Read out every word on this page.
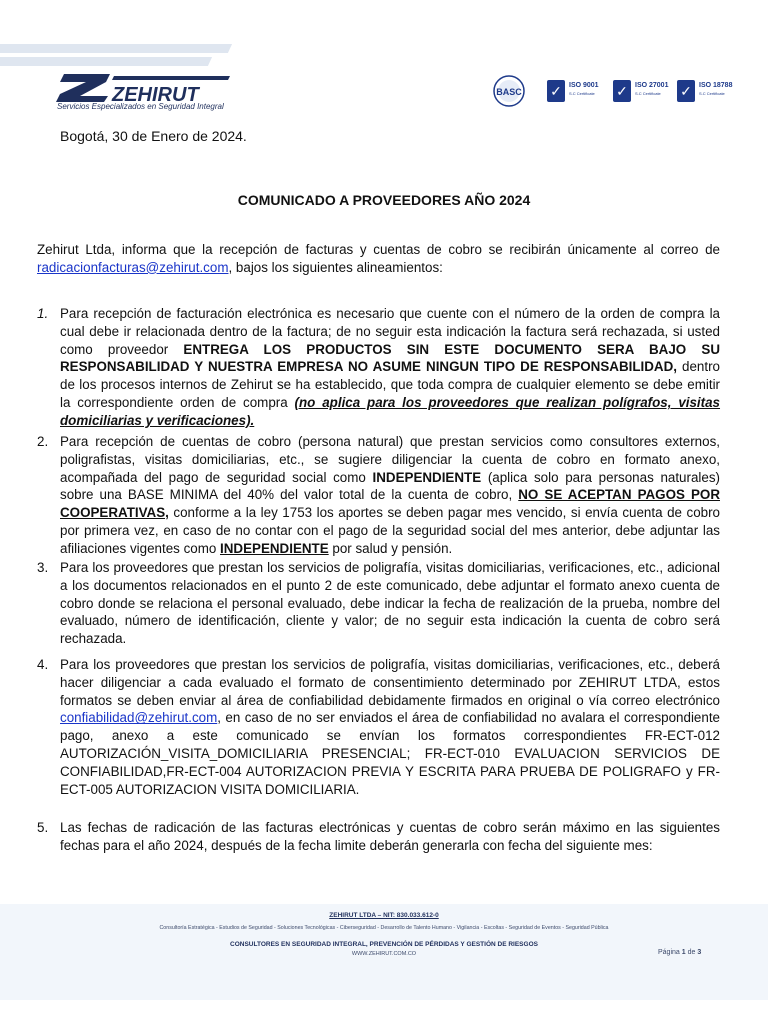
ZEHIRUT
Servicios Especializados en Seguridad Integral
BASC ✓	ISO 9001
S.C Certificate ✓	ISO 27001
S.C Certificate ✓	ISO 18788
S.C Certificate
Bogotá, 30 de Enero de 2024.
COMUNICADO A PROVEEDORES AÑO 2024
Zehirut Ltda, informa que la recepción de facturas y cuentas de cobro se recibirán únicamente al correo de radicacionfacturas@zehirut.com, bajos los siguientes alineamientos:
1. Para recepción de facturación electrónica es necesario que cuente con el número de la orden de compra la cual debe ir relacionada dentro de la factura; de no seguir esta indicación la factura será rechazada, si usted como proveedor ENTREGA LOS PRODUCTOS SIN ESTE DOCUMENTO SERA BAJO SU RESPONSABILIDAD Y NUESTRA EMPRESA NO ASUME NINGUN TIPO DE RESPONSABILIDAD, dentro de los procesos internos de Zehirut se ha establecido, que toda compra de cualquier elemento se debe emitir la correspondiente orden de compra (no aplica para los proveedores que realizan polígrafos, visitas domiciliarias y verificaciones).
2. Para recepción de cuentas de cobro (persona natural) que prestan servicios como consultores externos, poligrafistas, visitas domiciliarias, etc., se sugiere diligenciar la cuenta de cobro en formato anexo, acompañada del pago de seguridad social como INDEPENDIENTE (aplica solo para personas naturales) sobre una BASE MINIMA del 40% del valor total de la cuenta de cobro, NO SE ACEPTAN PAGOS POR COOPERATIVAS, conforme a la ley 1753 los aportes se deben pagar mes vencido, si envía cuenta de cobro por primera vez, en caso de no contar con el pago de la seguridad social del mes anterior, debe adjuntar las afiliaciones vigentes como INDEPENDIENTE por salud y pensión.
3. Para los proveedores que prestan los servicios de poligrafía, visitas domiciliarias, verificaciones, etc., adicional a los documentos relacionados en el punto 2 de este comunicado, debe adjuntar el formato anexo cuenta de cobro donde se relaciona el personal evaluado, debe indicar la fecha de realización de la prueba, nombre del evaluado, número de identificación, cliente y valor; de no seguir esta indicación la cuenta de cobro será rechazada.
4. Para los proveedores que prestan los servicios de poligrafía, visitas domiciliarias, verificaciones, etc., deberá hacer diligenciar a cada evaluado el formato de consentimiento determinado por ZEHIRUT LTDA, estos formatos se deben enviar al área de confiabilidad debidamente firmados en original o vía correo electrónico confiabilidad@zehirut.com, en caso de no ser enviados el área de confiabilidad no avalara el correspondiente pago, anexo a este comunicado se envían los formatos correspondientes FR-ECT-012 AUTORIZACIÓN_VISITA_DOMICILIARIA PRESENCIAL; FR-ECT-010 EVALUACION SERVICIOS DE CONFIABILIDAD,FR-ECT-004 AUTORIZACION PREVIA Y ESCRITA PARA PRUEBA DE POLIGRAFO y FR-ECT-005 AUTORIZACION VISITA DOMICILIARIA.
5. Las fechas de radicación de las facturas electrónicas y cuentas de cobro serán máximo en las siguientes fechas para el año 2024, después de la fecha limite deberán generarla con fecha del siguiente mes:
ZEHIRUT LTDA – NIT: 830.033.612-0
Consultoría Estratégica - Estudios de Seguridad - Soluciones Tecnológicas - Ciberseguridad - Desarrollo de Talento Humano - Vigilancia - Escoltas - Seguridad de Eventos - Seguridad Pública
CONSULTORES EN SEGURIDAD INTEGRAL, PREVENCIÓN DE PÉRDIDAS Y GESTIÓN DE RIESGOS
WWW.ZEHIRUT.COM.CO	Página 1 de 3
